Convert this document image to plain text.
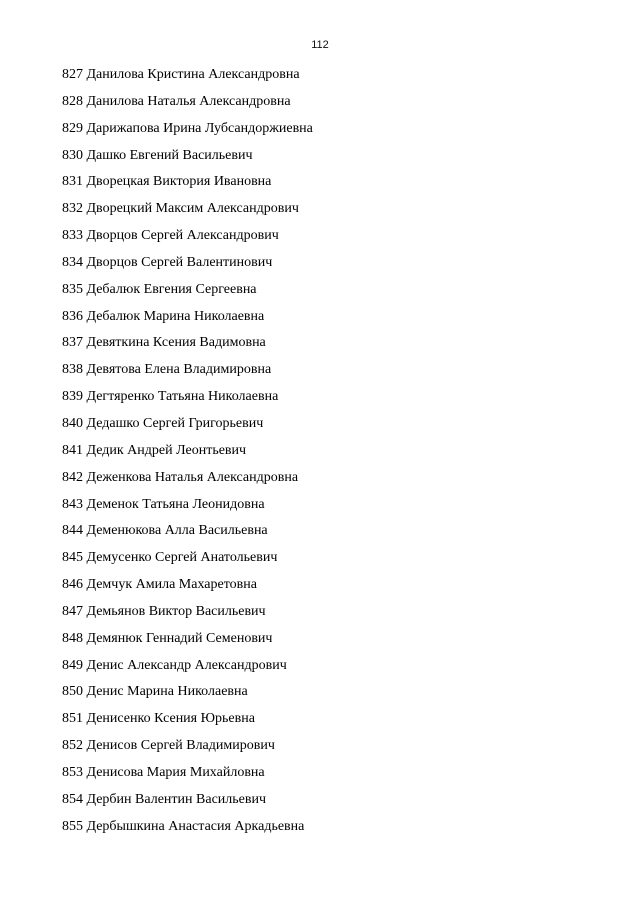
112
827 Данилова Кристина Александровна
828 Данилова Наталья Александровна
829 Дарижапова Ирина Лубсандоржиевна
830 Дашко Евгений Васильевич
831 Дворецкая Виктория Ивановна
832 Дворецкий Максим Александрович
833 Дворцов Сергей Александрович
834 Дворцов Сергей Валентинович
835 Дебалюк Евгения Сергеевна
836 Дебалюк Марина Николаевна
837 Девяткина Ксения Вадимовна
838 Девятова Елена Владимировна
839 Дегтяренко Татьяна Николаевна
840 Дедашко Сергей Григорьевич
841 Дедик Андрей Леонтьевич
842 Деженкова Наталья Александровна
843 Деменок Татьяна Леонидовна
844 Деменюкова Алла Васильевна
845 Демусенко Сергей Анатольевич
846 Демчук Амила Махаретовна
847 Демьянов Виктор Васильевич
848 Демянюк Геннадий Семенович
849 Денис Александр Александрович
850 Денис Марина Николаевна
851 Денисенко Ксения Юрьевна
852 Денисов Сергей Владимирович
853 Денисова Мария Михайловна
854 Дербин Валентин Васильевич
855 Дербышкина Анастасия Аркадьевна
